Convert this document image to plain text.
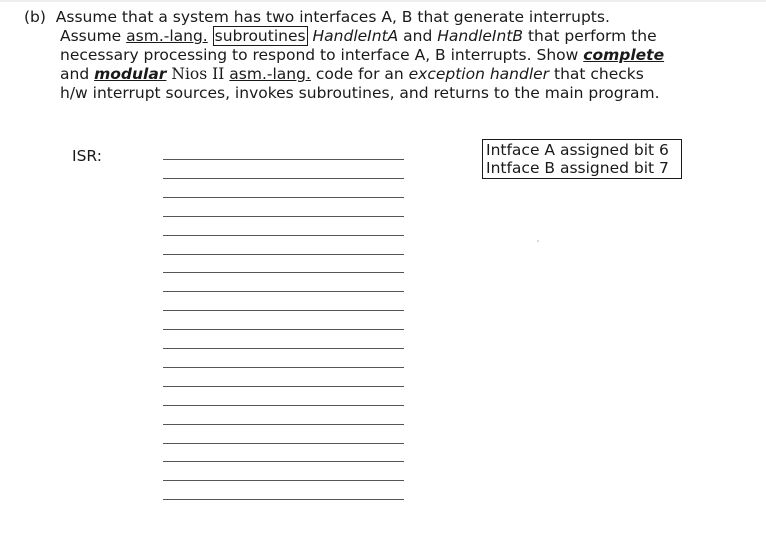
(b) Assume that a system has two interfaces A, B that generate interrupts.
Assume asm.-lang. subroutines HandleIntA and HandleIntB that perform the
necessary processing to respond to interface A, B interrupts. Show complete
and modular Nios II asm.-lang. code for an exception handler that checks
h/w interrupt sources, invokes subroutines, and returns to the main program.
ISR:	Intface A assigned bit 6
Intface B assigned bit 7
